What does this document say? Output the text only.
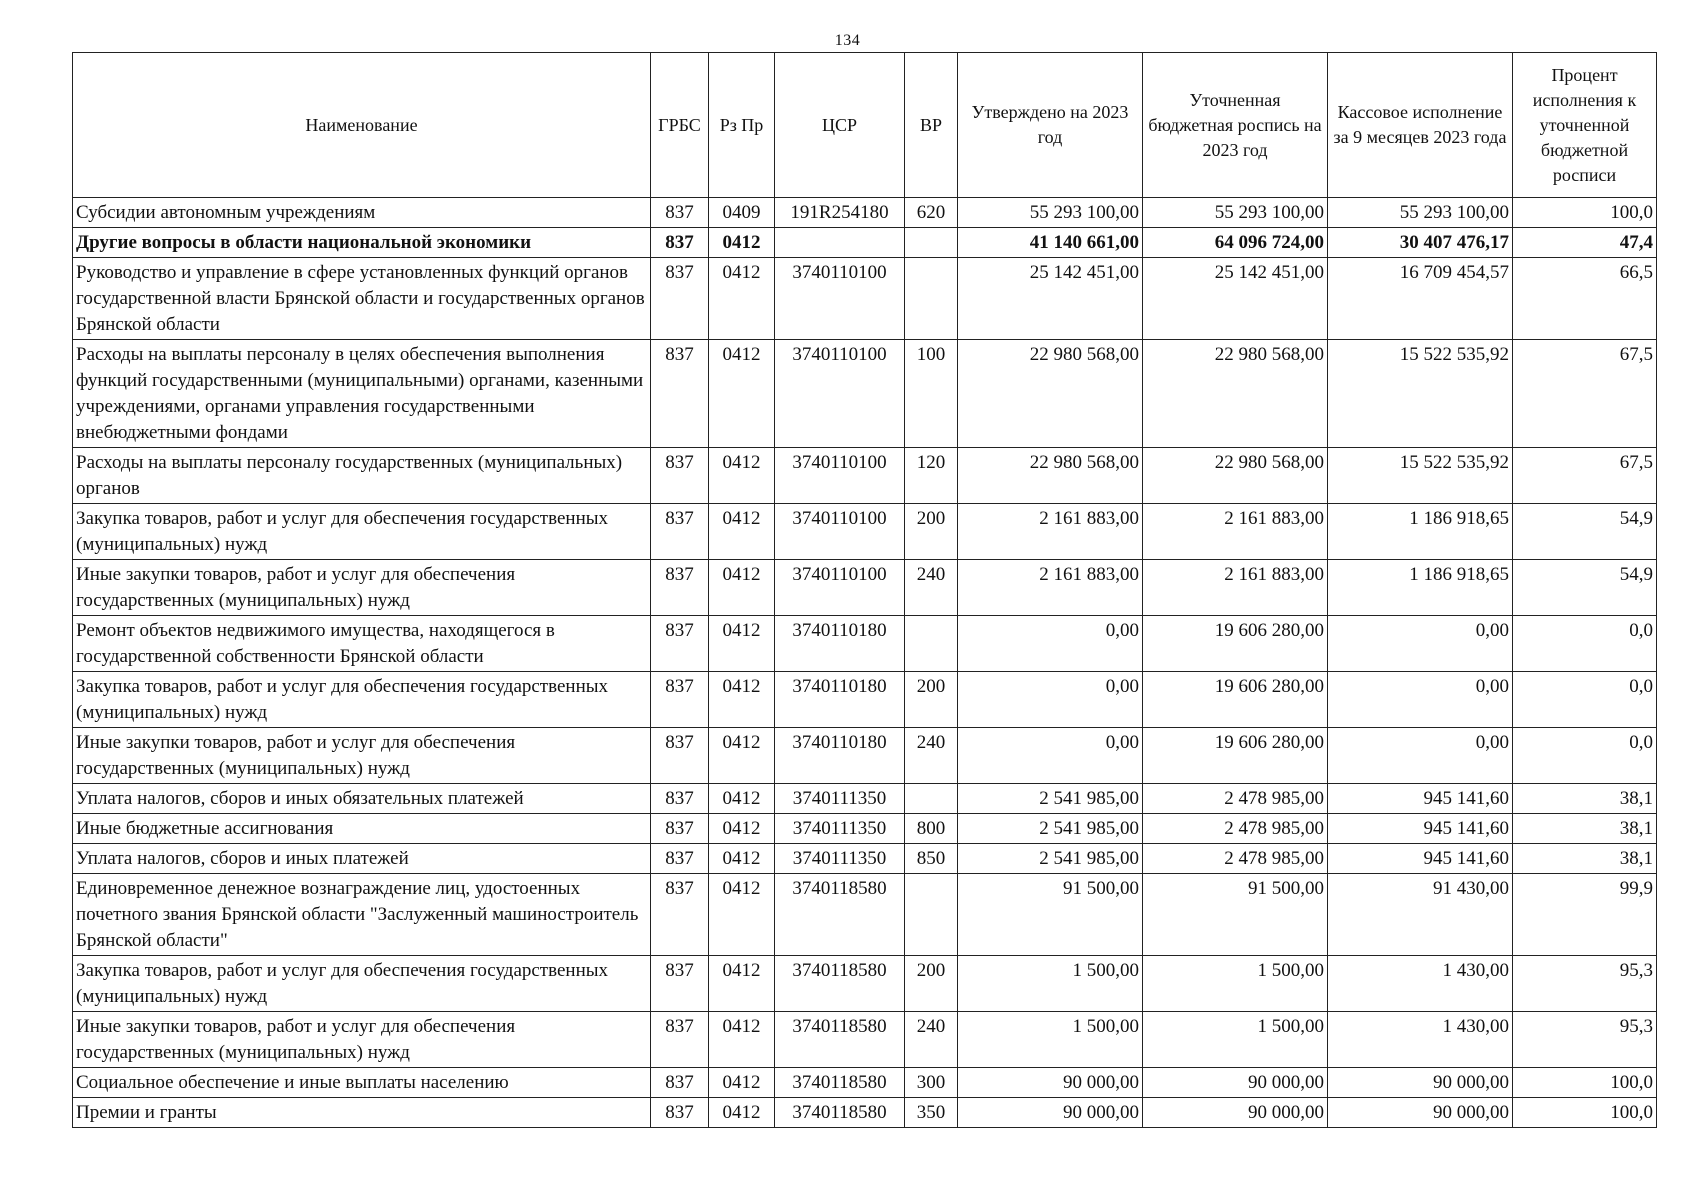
134
Наименование	ГРБС	Рз Пр	ЦСР	ВР	Утверждено на 2023 год	Уточненная бюджетная роспись на 2023 год	Кассовое исполнение за 9 месяцев 2023 года	Процент исполнения к уточненной бюджетной росписи
Субсидии автономным учреждениям	837	0409	191R254180	620	55 293 100,00	55 293 100,00	55 293 100,00	100,0
Другие вопросы в области национальной экономики	837	0412			41 140 661,00	64 096 724,00	30 407 476,17	47,4
Руководство и управление в сфере установленных функций органов государственной власти Брянской области и государственных органов Брянской области	837	0412	3740110100		25 142 451,00	25 142 451,00	16 709 454,57	66,5
Расходы на выплаты персоналу в целях обеспечения выполнения функций государственными (муниципальными) органами, казенными учреждениями, органами управления государственными внебюджетными фондами	837	0412	3740110100	100	22 980 568,00	22 980 568,00	15 522 535,92	67,5
Расходы на выплаты персоналу государственных (муниципальных) органов	837	0412	3740110100	120	22 980 568,00	22 980 568,00	15 522 535,92	67,5
Закупка товаров, работ и услуг для обеспечения государственных (муниципальных) нужд	837	0412	3740110100	200	2 161 883,00	2 161 883,00	1 186 918,65	54,9
Иные закупки товаров, работ и услуг для обеспечения государственных (муниципальных) нужд	837	0412	3740110100	240	2 161 883,00	2 161 883,00	1 186 918,65	54,9
Ремонт объектов недвижимого имущества, находящегося в государственной собственности Брянской области	837	0412	3740110180		0,00	19 606 280,00	0,00	0,0
Закупка товаров, работ и услуг для обеспечения государственных (муниципальных) нужд	837	0412	3740110180	200	0,00	19 606 280,00	0,00	0,0
Иные закупки товаров, работ и услуг для обеспечения государственных (муниципальных) нужд	837	0412	3740110180	240	0,00	19 606 280,00	0,00	0,0
Уплата налогов, сборов и иных обязательных платежей	837	0412	3740111350		2 541 985,00	2 478 985,00	945 141,60	38,1
Иные бюджетные ассигнования	837	0412	3740111350	800	2 541 985,00	2 478 985,00	945 141,60	38,1
Уплата налогов, сборов и иных платежей	837	0412	3740111350	850	2 541 985,00	2 478 985,00	945 141,60	38,1
Единовременное денежное вознаграждение лиц, удостоенных почетного звания Брянской области "Заслуженный машиностроитель Брянской области"	837	0412	3740118580		91 500,00	91 500,00	91 430,00	99,9
Закупка товаров, работ и услуг для обеспечения государственных (муниципальных) нужд	837	0412	3740118580	200	1 500,00	1 500,00	1 430,00	95,3
Иные закупки товаров, работ и услуг для обеспечения государственных (муниципальных) нужд	837	0412	3740118580	240	1 500,00	1 500,00	1 430,00	95,3
Социальное обеспечение и иные выплаты населению	837	0412	3740118580	300	90 000,00	90 000,00	90 000,00	100,0
Премии и гранты	837	0412	3740118580	350	90 000,00	90 000,00	90 000,00	100,0
